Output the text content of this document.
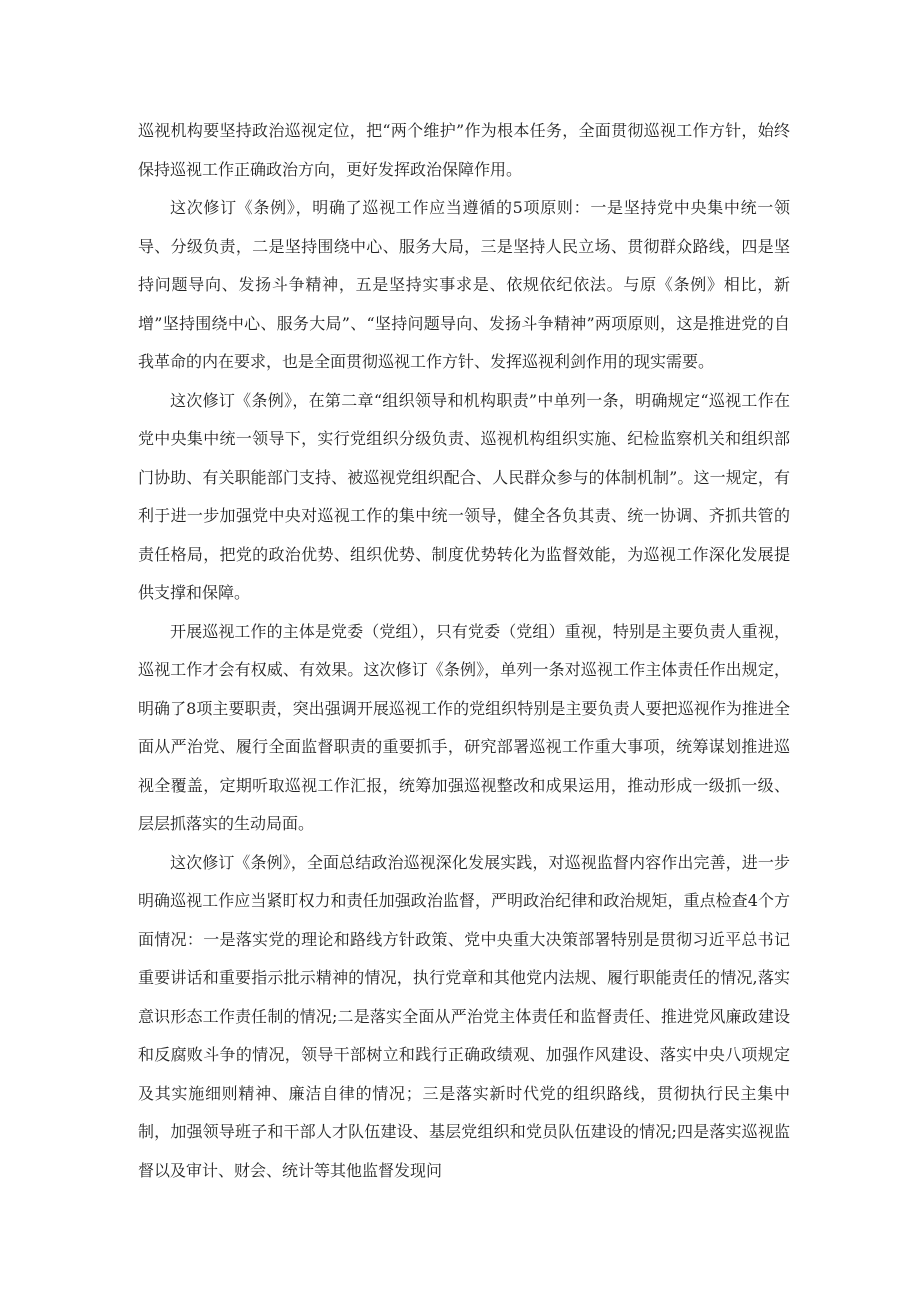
巡视机构要坚持政治巡视定位，把“两个维护”作为根本任务，全面贯彻巡视工作方针，始终保持巡视工作正确政治方向，更好发挥政治保障作用。

这次修订《条例》，明确了巡视工作应当遵循的5项原则：一是坚持党中央集中统一领导、分级负责，二是坚持围绕中心、服务大局，三是坚持人民立场、贯彻群众路线，四是坚持问题导向、发扬斗争精神，五是坚持实事求是、依规依纪依法。与原《条例》相比，新增”坚持围绕中心、服务大局”、“坚持问题导向、发扬斗争精神”两项原则，这是推进党的自我革命的内在要求，也是全面贯彻巡视工作方针、发挥巡视利剑作用的现实需要。

这次修订《条例》，在第二章“组织领导和机构职责”中单列一条，明确规定“巡视工作在党中央集中统一领导下，实行党组织分级负责、巡视机构组织实施、纪检监察机关和组织部门协助、有关职能部门支持、被巡视党组织配合、人民群众参与的体制机制”。这一规定，有利于进一步加强党中央对巡视工作的集中统一领导，健全各负其责、统一协调、齐抓共管的责任格局，把党的政治优势、组织优势、制度优势转化为监督效能，为巡视工作深化发展提供支撑和保障。

开展巡视工作的主体是党委（党组），只有党委（党组）重视，特别是主要负责人重视，巡视工作才会有权威、有效果。这次修订《条例》，单列一条对巡视工作主体责任作出规定，明确了8项主要职责，突出强调开展巡视工作的党组织特别是主要负责人要把巡视作为推进全面从严治党、履行全面监督职责的重要抓手，研究部署巡视工作重大事项，统筹谋划推进巡视全覆盖，定期听取巡视工作汇报，统筹加强巡视整改和成果运用，推动形成一级抓一级、层层抓落实的生动局面。

这次修订《条例》，全面总结政治巡视深化发展实践，对巡视监督内容作出完善，进一步明确巡视工作应当紧盯权力和责任加强政治监督，严明政治纪律和政治规矩，重点检查4个方面情况：一是落实党的理论和路线方针政策、党中央重大决策部署特别是贯彻习近平总书记重要讲话和重要指示批示精神的情况，执行党章和其他党内法规、履行职能责任的情况,落实意识形态工作责任制的情况;二是落实全面从严治党主体责任和监督责任、推进党风廉政建设和反腐败斗争的情况，领导干部树立和践行正确政绩观、加强作风建设、落实中央八项规定及其实施细则精神、廉洁自律的情况；三是落实新时代党的组织路线，贯彻执行民主集中制，加强领导班子和干部人才队伍建设、基层党组织和党员队伍建设的情况;四是落实巡视监督以及审计、财会、统计等其他监督发现问
